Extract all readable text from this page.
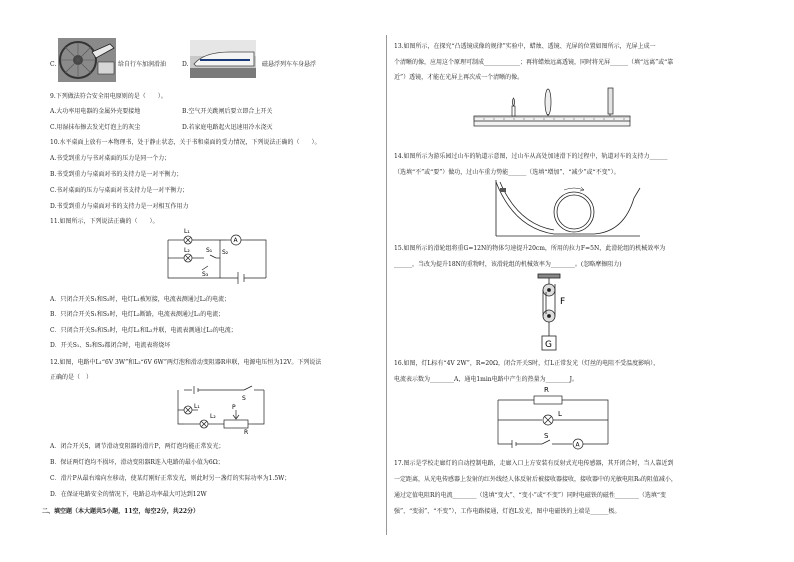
C.	给自行车加润滑油	D.	磁悬浮列车车身悬浮
9.下列做法符合安全用电原则的是（　　）。
A.大功率用电器的金属外壳要接地	B.空气开关跳闸后要立即合上开关
C.用湿抹布擦去发光灯泡上的灰尘	D.若家庭电路起火迅速用冷水浇灭
10.水平桌面上放有一本物理书，处于静止状态，关于书和桌面的受力情况，下列说法正确的（　　）。
A.书受到重力与书对桌面的压力是同一个力；
B.书受到重力与桌面对书的支持力是一对平衡力；
C.书对桌面的压力与桌面对书支持力是一对平衡力；
D.书受到重力与桌面对书的支持力是一对相互作用力
11.如图所示，下列说法正确的（　　）。
L₁
L₂	S₁ S₂
S₃
A
A．只闭合开关S₁和S₂时，电灯L₁被短接，电流表测通过L₂的电流；
B．只闭合开关S₁和S₃时，电灯L₂断路，电流表测通过L₁的电流；
C．只闭合开关S₁和S₂时，电灯L₁和L₂并联，电流表测通过L₂的电流；
D．开关S₁、S₂和S₃都闭合时，电流表将烧坏
12.如图，电路中L₁“6V 3W”和L₂“6V 6W”两灯泡和滑动变阻器R串联，电源电压恒为12V。下列说法
正确的是（　）
S
L₁
L₂
P
R
A．闭合开关S，调节滑动变阻器的滑片P，两灯泡均能正常发光；
B．保证两灯泡均不损坏，滑动变阻器R连入电路的最小值为6Ω；
C．滑片P从最右端向左移动，使某灯刚好正常发光，则此时另一盏灯的实际功率为1.5W；
D．在保证电路安全的情况下，电路总功率最大可达到12W
二、填空题（本大题共5小题，11空，每空2分，共22分）
13.如图所示，在探究“凸透镜成像的规律”实验中，蜡烛、透镜、光屏的位置如图所示，光屏上成一
个清晰的像，应用这个原理可制成____________；再将蜡烛远离透镜，同时将光屏______（填“远离”或“靠
近”）透镜，才能在光屏上再次成一个清晰的像。
14.如图所示为游乐园过山车的轨道示意图，过山车从高处加速滑下的过程中，轨道对车的支持力______
（选填“不”或“要”）做功，过山车重力势能______（选填“增加”、“减少”或“不变”）。
15.如图所示的滑轮组将重G=12N的物体匀速提升20cm，所用的拉力F=5N，此滑轮组的机械效率为
______，当改为提升18N的重物时，该滑轮组的机械效率为________。(忽略摩擦阻力)
F
G
16.如图，灯L标有“4V 2W”，R=20Ω，闭合开关S时，灯L正常发光（灯丝的电阻不受温度影响），
电流表示数为________A，通电1min电路中产生的热量为________J。
R
L
S
A
17.图示是学校走廊灯的自动控制电路，走廊入口上方安装有反射式光电传感器，其开闭合时，当人靠近到
一定距离，从光电传感器上发射的红外线经人体反射后被接收器接收，接收器中的光敏电阻R₀的阻值减小，
通过定值电阻R的电流________（选填“变大”、“变小”或“不变”）同时电磁铁的磁性________（选填“变
强”、“变弱”、“不变”），工作电路接通，灯泡L发光，图中电磁铁的上端是______极。
